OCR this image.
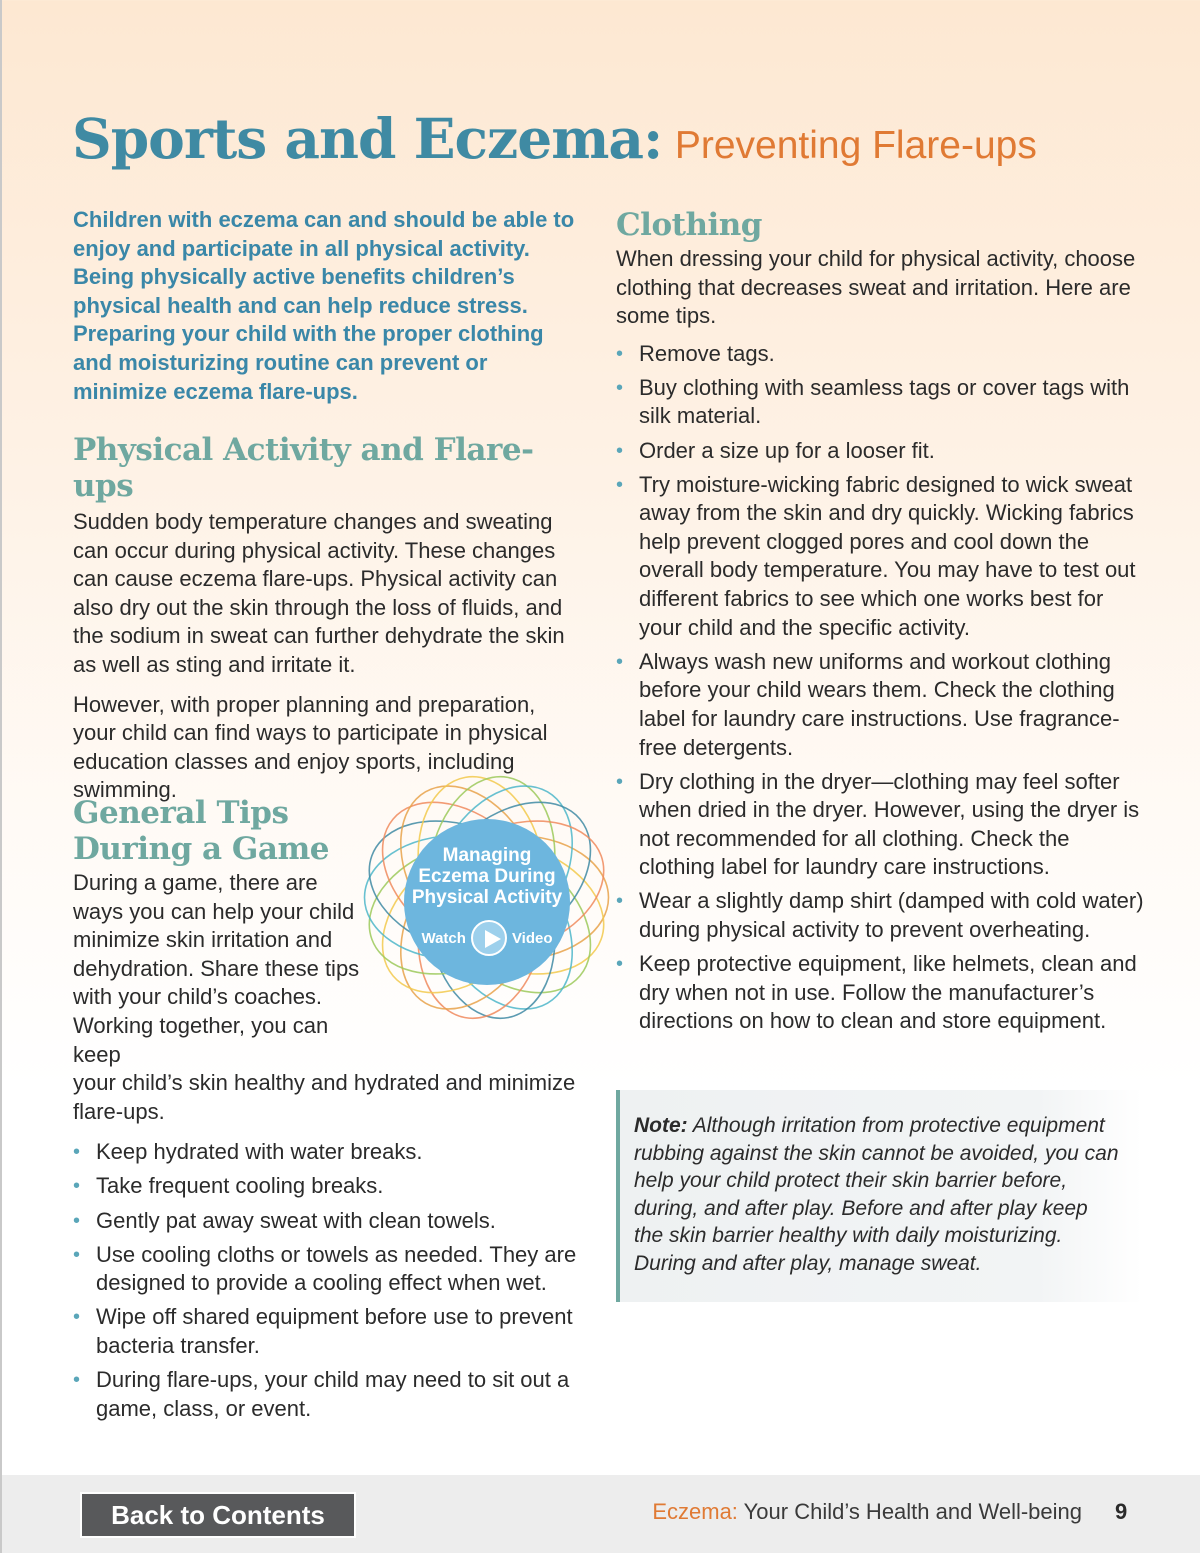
Sports and Eczema: Preventing Flare-ups

Children with eczema can and should be able to enjoy and participate in all physical activity. Being physically active benefits children’s physical health and can help reduce stress. Preparing your child with the proper clothing and moisturizing routine can prevent or minimize eczema flare-ups.

Physical Activity and Flare-ups

Sudden body temperature changes and sweating can occur during physical activity. These changes can cause eczema flare-ups. Physical activity can also dry out the skin through the loss of fluids, and the sodium in sweat can further dehydrate the skin as well as sting and irritate it.

However, with proper planning and preparation, your child can find ways to participate in physical education classes and enjoy sports, including swimming.

General Tips
During a Game

During a game, there are ways you can help your child minimize skin irritation and dehydration. Share these tips with your child’s coaches. Working together, you can keep

your child’s skin healthy and hydrated and minimize flare-ups.

• Keep hydrated with water breaks.
• Take frequent cooling breaks.
• Gently pat away sweat with clean towels.
• Use cooling cloths or towels as needed. They are designed to provide a cooling effect when wet.
• Wipe off shared equipment before use to prevent bacteria transfer.
• During flare-ups, your child may need to sit out a game, class, or event.
Managing Eczema During Physical Activity
Watch	Video
Clothing

When dressing your child for physical activity, choose clothing that decreases sweat and irritation. Here are some tips.

• Remove tags.
• Buy clothing with seamless tags or cover tags with silk material.
• Order a size up for a looser fit.
• Try moisture-wicking fabric designed to wick sweat away from the skin and dry quickly. Wicking fabrics help prevent clogged pores and cool down the overall body temperature. You may have to test out different fabrics to see which one works best for your child and the specific activity.
• Always wash new uniforms and workout clothing before your child wears them. Check the clothing label for laundry care instructions. Use fragrance-free detergents.
• Dry clothing in the dryer—clothing may feel softer when dried in the dryer. However, using the dryer is not recommended for all clothing. Check the clothing label for laundry care instructions.
• Wear a slightly damp shirt (damped with cold water) during physical activity to prevent overheating.
• Keep protective equipment, like helmets, clean and dry when not in use. Follow the manufacturer’s directions on how to clean and store equipment.
Note: Although irritation from protective equipment rubbing against the skin cannot be avoided, you can help your child protect their skin barrier before, during, and after play. Before and after play keep the skin barrier healthy with daily moisturizing. During and after play, manage sweat.
Back to Contents	Eczema: Your Child’s Health and Well-being 9
